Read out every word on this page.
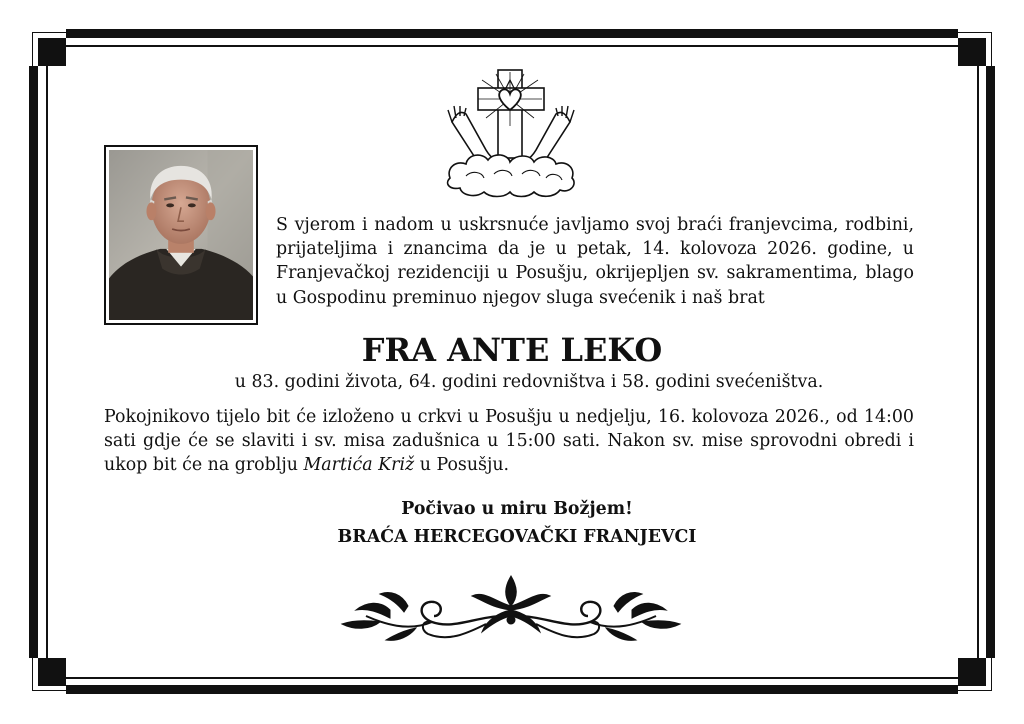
S vjerom i nadom u uskrsnuće javljamo svoj braći franjevcima, rodbini, prijateljima i znancima da je u petak, 14. kolovoza 2026. godine, u Franjevačkoj rezidenciji u Posušju, okrijepljen sv. sakramentima, blago u Gospodinu preminuo njegov sluga svećenik i naš brat

FRA ANTE LEKO

u 83. godini života, 64. godini redovništva i 58. godini svećeništva.

Pokojnikovo tijelo bit će izloženo u crkvi u Posušju u nedjelju, 16. kolovoza 2026., od 14:00 sati gdje će se slaviti i sv. misa zadušnica u 15:00 sati. Nakon sv. mise sprovodni obredi i ukop bit će na groblju Martića Križ u Posušju.

Počivao u miru Božjem!

BRAĆA HERCEGOVAČKI FRANJEVCI
